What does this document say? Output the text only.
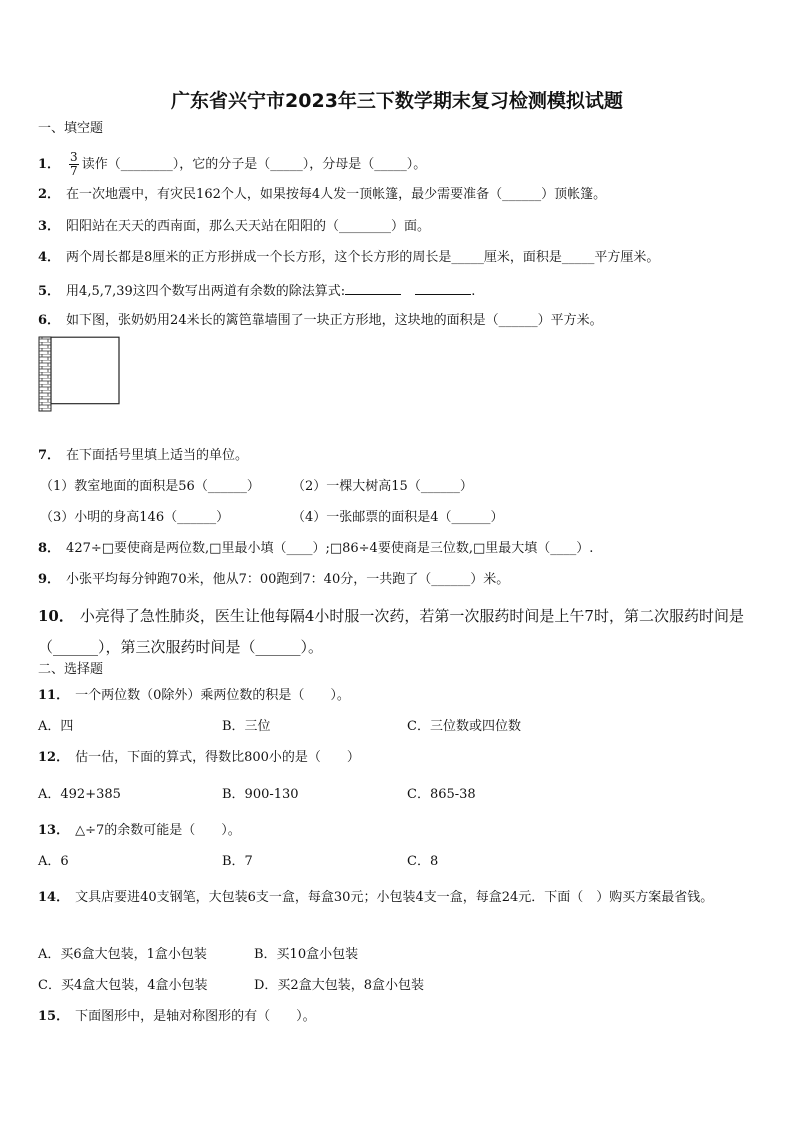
广东省兴宁市2023年三下数学期末复习检测模拟试题
一、填空题
1． $\frac{3}{7}$ 读作（________），它的分子是（_____），分母是（_____）。
2． 在一次地震中，有灾民162个人，如果按每4人发一顶帐篷，最少需要准备（______）顶帐篷。
3． 阳阳站在天天的西南面，那么天天站在阳阳的（________）面。
4． 两个周长都是8厘米的正方形拼成一个长方形，这个长方形的周长是_____厘米，面积是_____平方厘米。
5． 用4,5,7,39这四个数写出两道有余数的除法算式:	.
6． 如下图，张奶奶用24米长的篱笆靠墙围了一块正方形地，这块地的面积是（______）平方米。
7． 在下面括号里填上适当的单位。
（1）教室地面的面积是56（______） （2）一棵大树高15（______）
（3）小明的身高146（______）	（4）一张邮票的面积是4（______）
8． 427÷□要使商是两位数,□里最小填（____）;□86÷4要使商是三位数,□里最大填（____）.
9． 小张平均每分钟跑70米，他从7：00跑到7：40分，一共跑了（______）米。
10． 小亮得了急性肺炎，医生让他每隔4小时服一次药，若第一次服药时间是上午7时，第二次服药时间是（______），第三次服药时间是（______）。
二、选择题
11． 一个两位数（0除外）乘两位数的积是（　　）。
A．四	B．三位	C．三位数或四位数
12． 估一估，下面的算式，得数比800小的是（　　）
A．492+385	B．900-130	C．865-38
13． △÷7的余数可能是（　　）。
A．6	B．7	C．8
14． 文具店要进40支钢笔，大包装6支一盒，每盒30元；小包装4支一盒，每盒24元．下面（　）购买方案最省钱。
A．买6盒大包装，1盒小包装	B．买10盒小包装
C．买4盒大包装，4盒小包装	D．买2盒大包装，8盒小包装
15． 下面图形中，是轴对称图形的有（　　）。
